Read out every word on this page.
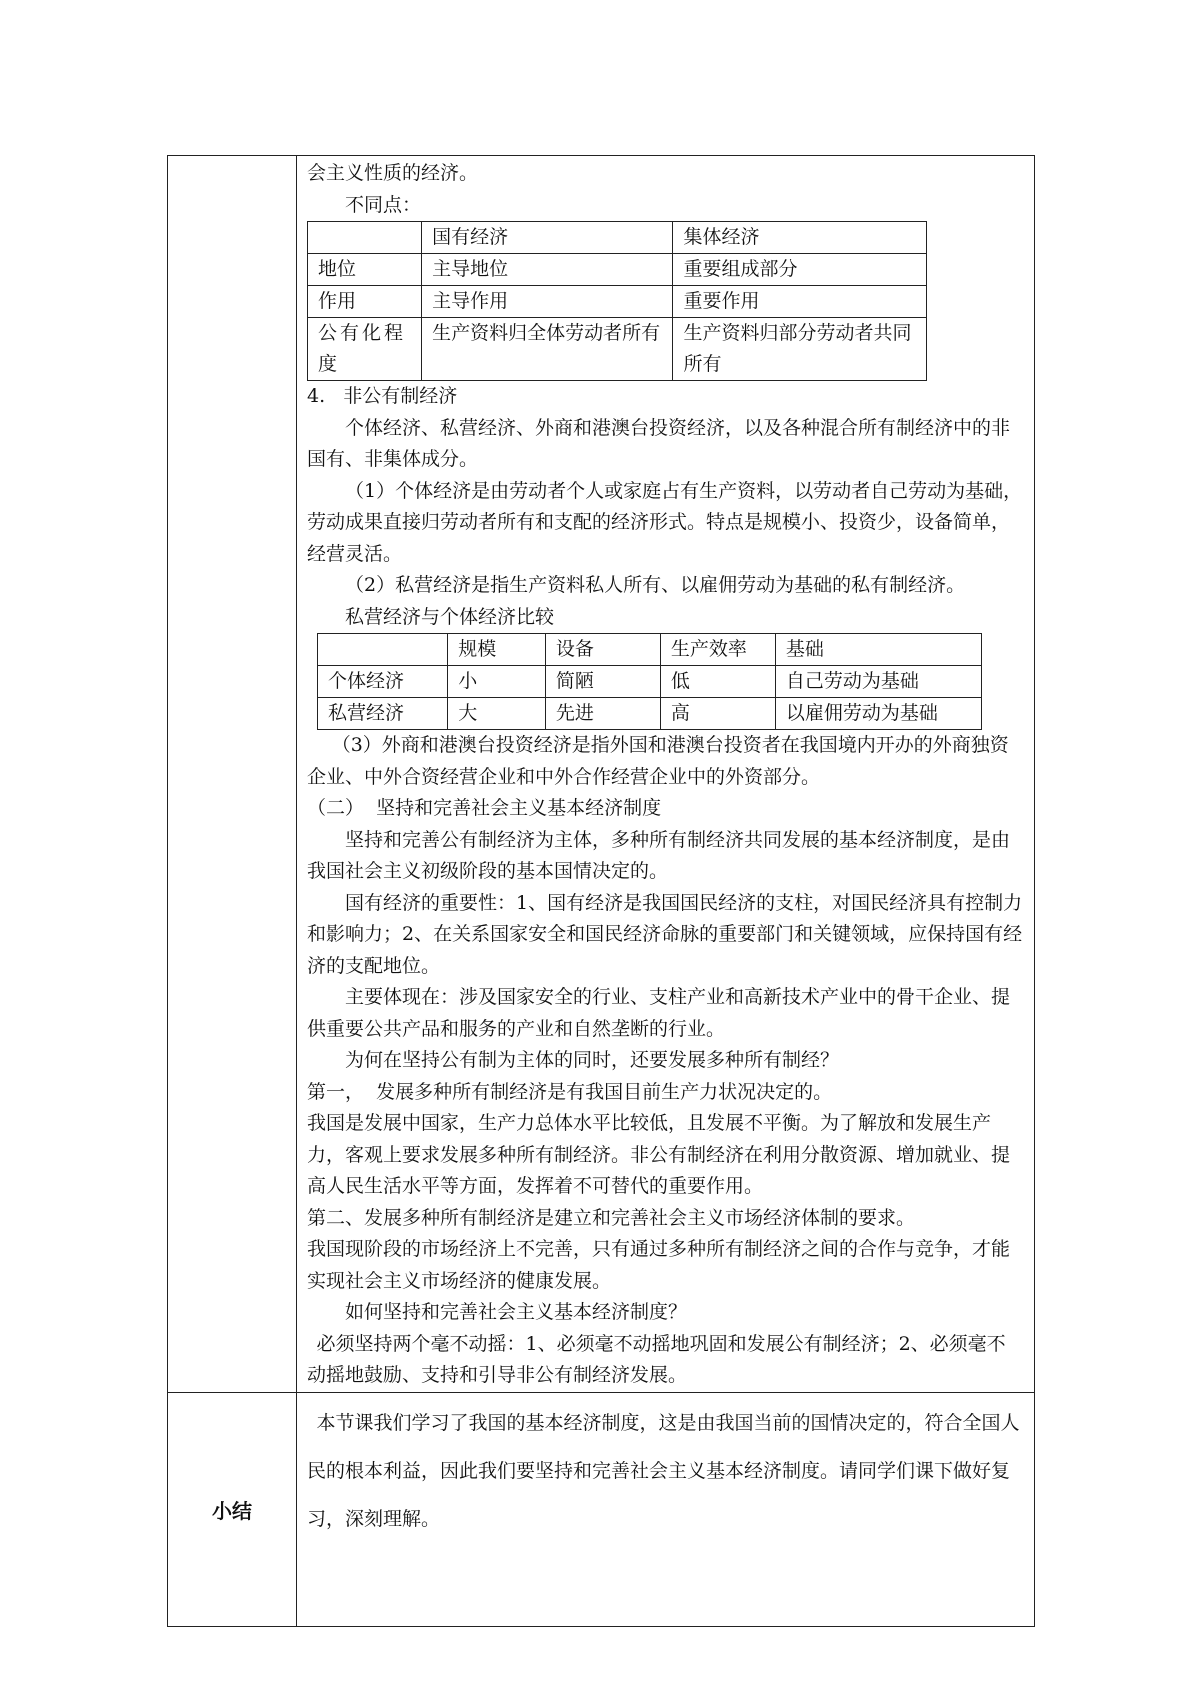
会主义性质的经济。

不同点：

	国有经济	集体经济
地位	主导地位	重要组成部分
作用	主导作用	重要作用
公有化程度	生产资料归全体劳动者所有	生产资料归部分劳动者共同所有

4.   非公有制经济

个体经济、私营经济、外商和港澳台投资经济，以及各种混合所有制经济中的非国有、非集体成分。

（1）个体经济是由劳动者个人或家庭占有生产资料，以劳动者自己劳动为基础，劳动成果直接归劳动者所有和支配的经济形式。特点是规模小、投资少，设备简单，经营灵活。

（2）私营经济是指生产资料私人所有、以雇佣劳动为基础的私有制经济。

私营经济与个体经济比较

	规模	设备	生产效率	基础
个体经济	小	简陋	低	自己劳动为基础
私营经济	大	先进	高	以雇佣劳动为基础

（3）外商和港澳台投资经济是指外国和港澳台投资者在我国境内开办的外商独资企业、中外合资经营企业和中外合作经营企业中的外资部分。

（二）  坚持和完善社会主义基本经济制度

坚持和完善公有制经济为主体，多种所有制经济共同发展的基本经济制度，是由我国社会主义初级阶段的基本国情决定的。

国有经济的重要性：1、国有经济是我国国民经济的支柱，对国民经济具有控制力和影响力；2、在关系国家安全和国民经济命脉的重要部门和关键领域，应保持国有经济的支配地位。

主要体现在：涉及国家安全的行业、支柱产业和高新技术产业中的骨干企业、提供重要公共产品和服务的产业和自然垄断的行业。

为何在坚持公有制为主体的同时，还要发展多种所有制经？

第一，  发展多种所有制经济是有我国目前生产力状况决定的。

我国是发展中国家，生产力总体水平比较低，且发展不平衡。为了解放和发展生产力，客观上要求发展多种所有制经济。非公有制经济在利用分散资源、增加就业、提高人民生活水平等方面，发挥着不可替代的重要作用。

第二、发展多种所有制经济是建立和完善社会主义市场经济体制的要求。

我国现阶段的市场经济上不完善，只有通过多种所有制经济之间的合作与竞争，才能实现社会主义市场经济的健康发展。

如何坚持和完善社会主义基本经济制度？

必须坚持两个毫不动摇：1、必须毫不动摇地巩固和发展公有制经济；2、必须毫不动摇地鼓励、支持和引导非公有制经济发展。

小结	

本节课我们学习了我国的基本经济制度，这是由我国当前的国情决定的，符合全国人民的根本利益，因此我们要坚持和完善社会主义基本经济制度。请同学们课下做好复习，深刻理解。
